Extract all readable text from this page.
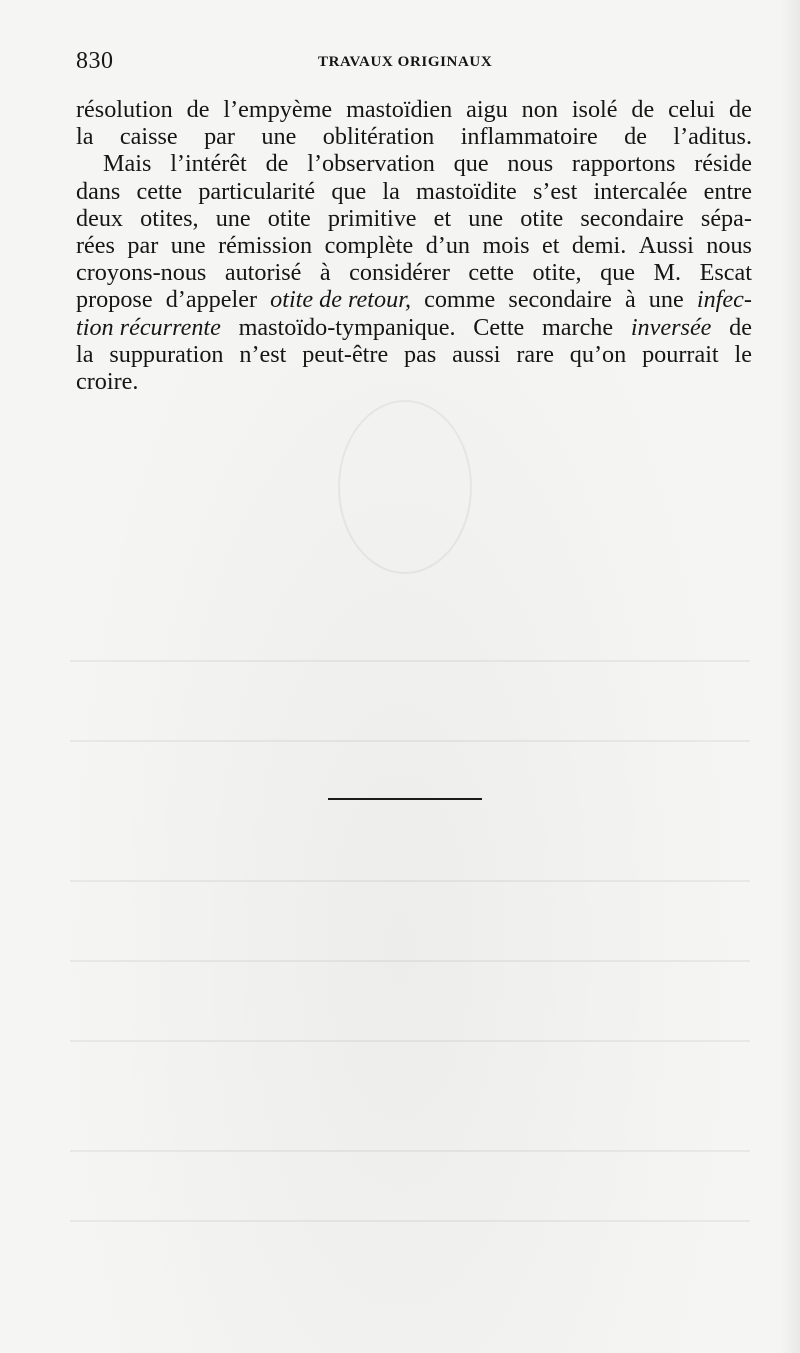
830	TRAVAUX ORIGINAUX
résolution de l’empyème mastoïdien aigu non isolé de celui de
la caisse par une oblitération inflammatoire de l’aditus.
Mais l’intérêt de l’observation que nous rapportons réside
dans cette particularité que la mastoïdite s’est intercalée entre
deux otites, une otite primitive et une otite secondaire sépa-
rées par une rémission complète d’un mois et demi. Aussi nous
croyons-nous autorisé à considérer cette otite, que M. Escat
propose d’appeler otite de retour, comme secondaire à une infec-
tion récurrente mastoïdo-tympanique. Cette marche inversée de
la suppuration n’est peut-être pas aussi rare qu’on pourrait le
croire.
